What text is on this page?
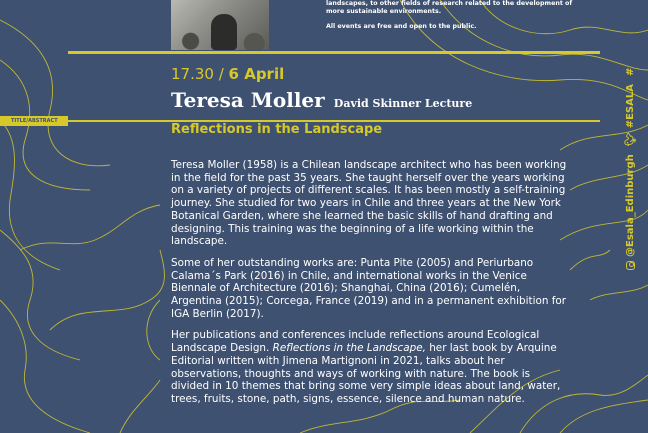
landscapes, to other fields of research related to the development of

more sustainable environments.

All events are free and open to the public.

17.30 / 6 April
Teresa Moller David Skinner Lecture
TITLE/ABSTRACT
Reflections in the Landscape

Teresa Moller (1958) is a Chilean landscape architect who has been working in the field for the past 35 years. She taught herself over the years working on a variety of projects of different scales. It has been mostly a self-training journey. She studied for two years in Chile and three years at the New York Botanical Garden, where she learned the basic skills of hand drafting and designing. This training was the beginning of a life working within the landscape.

Some of her outstanding works are: Punta Pite (2005) and Periurbano Calama´s Park (2016) in Chile, and international works in the Venice Biennale of Architecture (2016); Shanghai, China (2016); Cumelén, Argentina (2015); Corcega, France (2019) and in a permanent exhibition for IGA Berlin (2017).

Her publications and conferences include reflections around Ecological Landscape Design. Reflections in the Landscape, her last book by Arquine Editorial written with Jimena Martignoni in 2021, talks about her observations, thoughts and ways of working with nature. The book is divided in 10 themes that bring some very simple ideas about land, water, trees, fruits, stone, path, signs, essence, silence and human nature.

@Esala_Edinburgh
🐦︎
#ESALA
#
